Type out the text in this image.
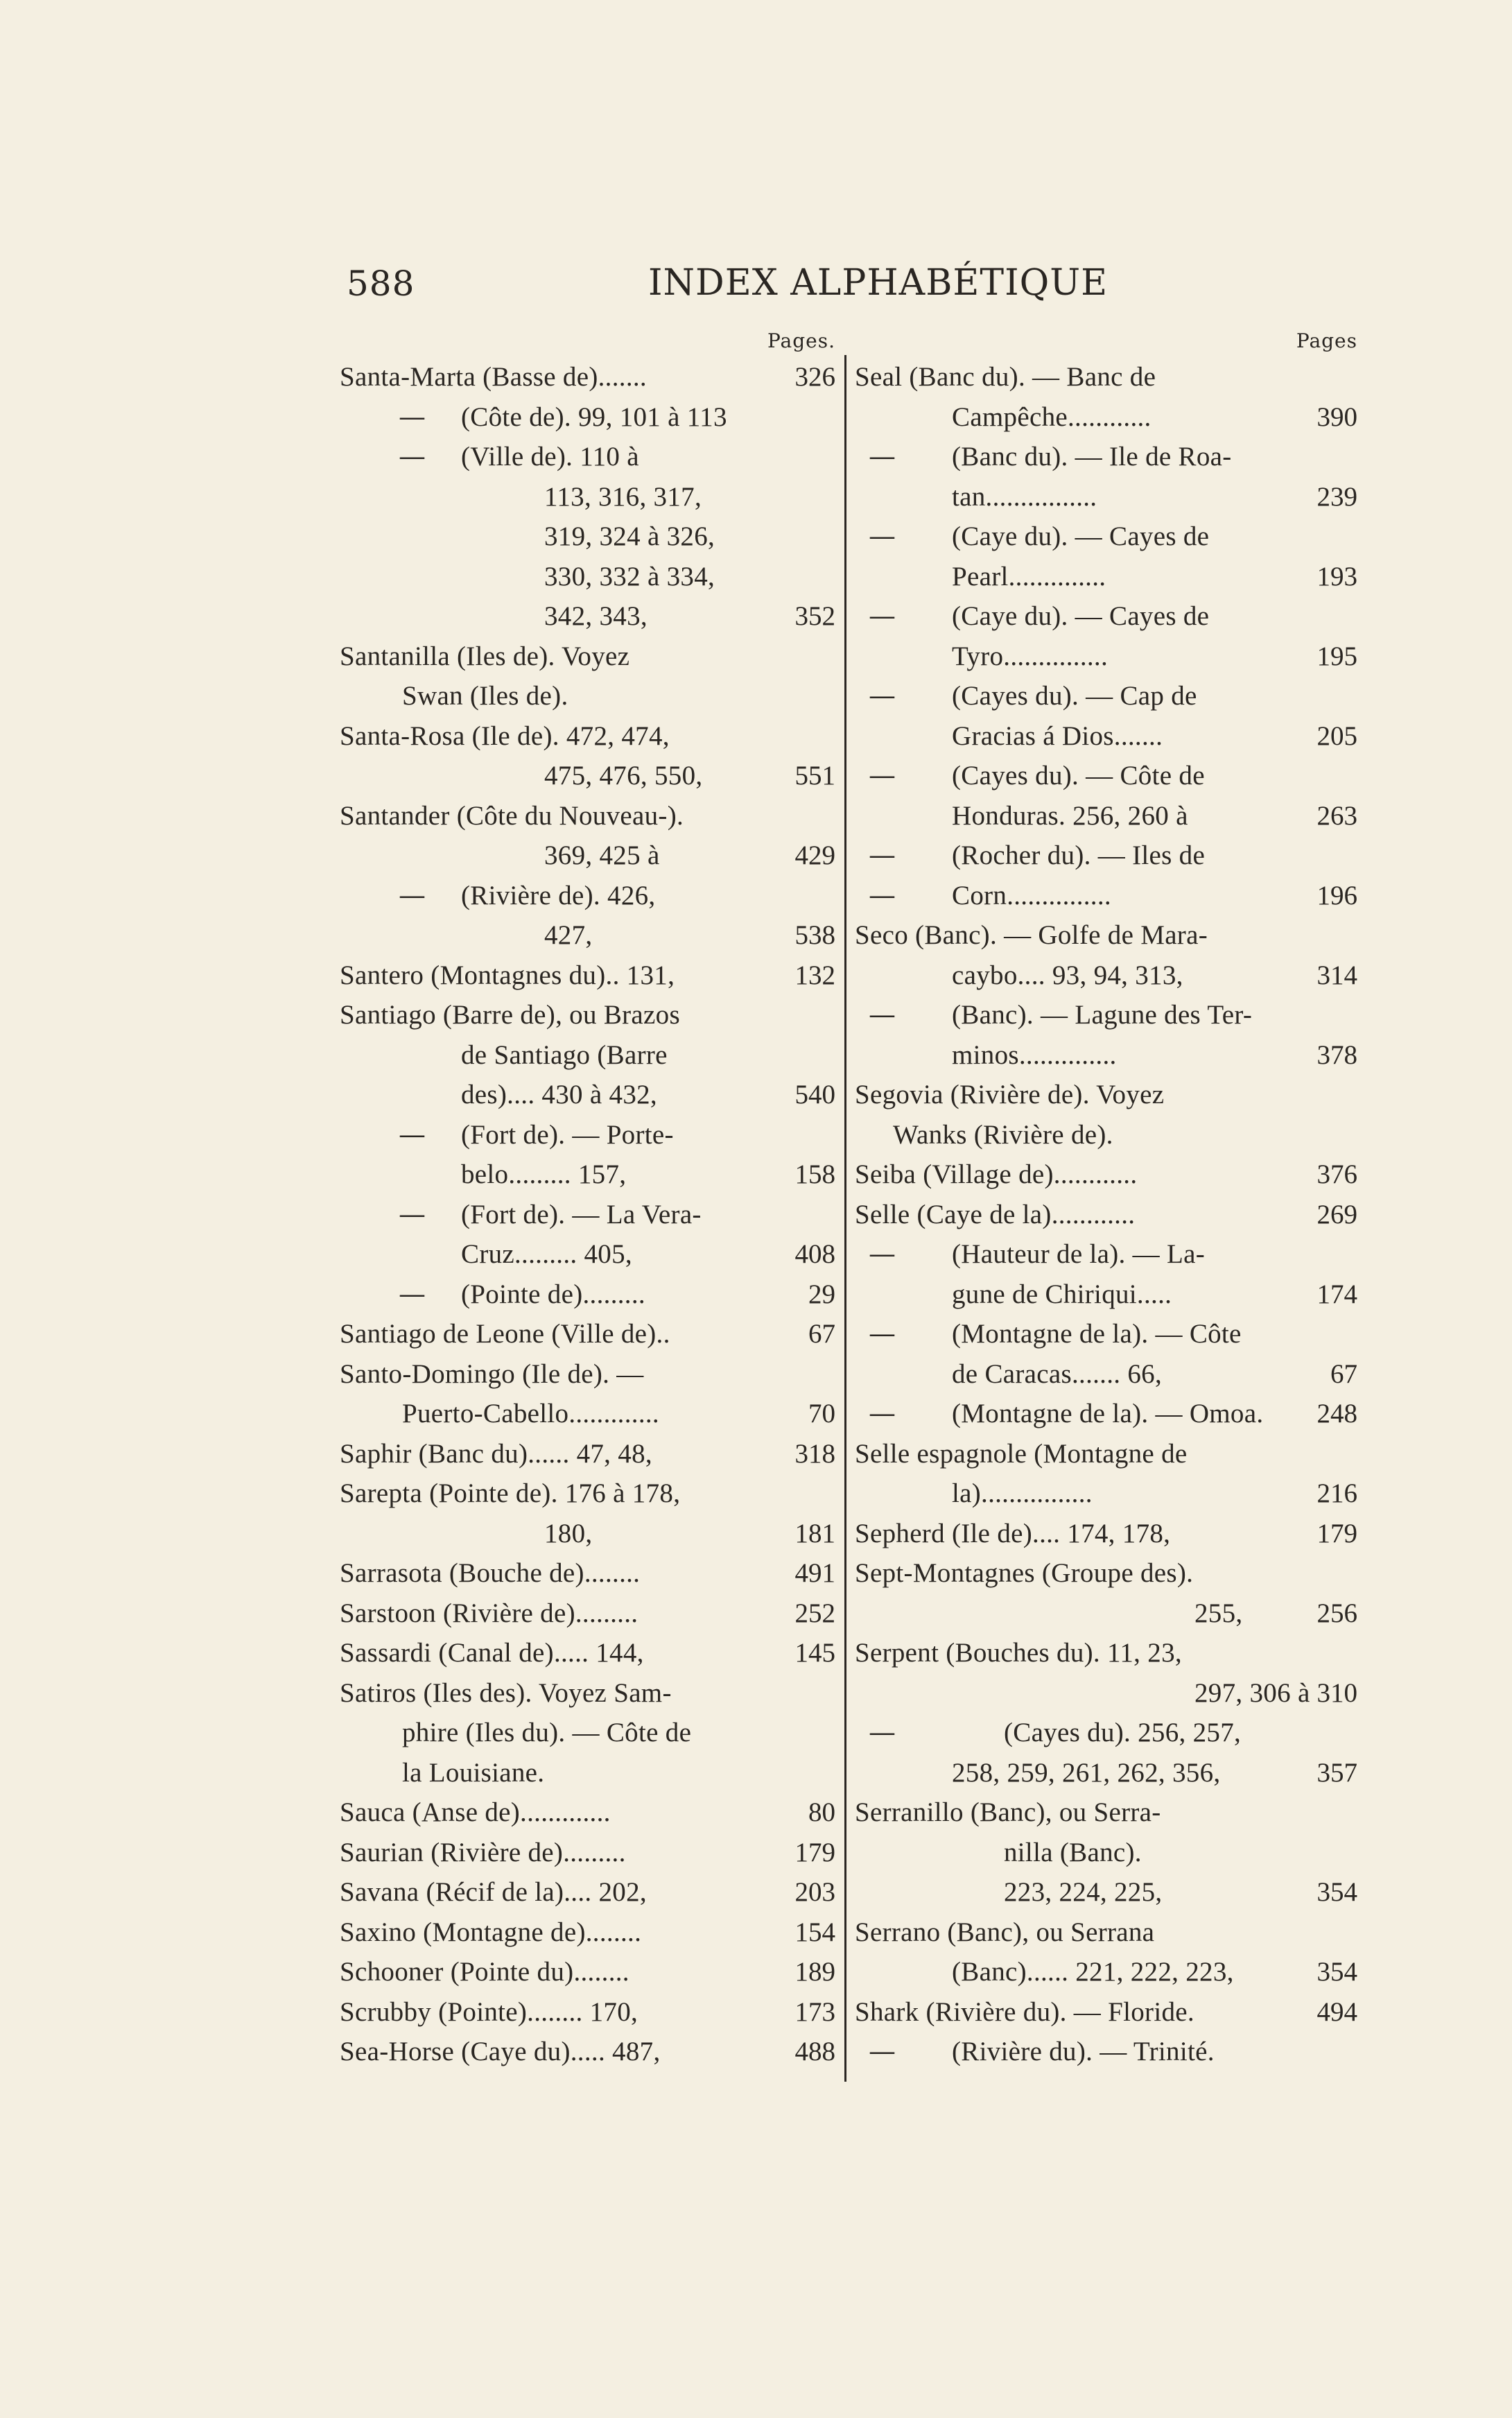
588	INDEX ALPHABÉTIQUE
Pages.
Santa-Marta (Basse de).......	326
— (Côte de). 99, 101 à 113
— (Ville de). 110 à
113, 316, 317,
319, 324 à 326,
330, 332 à 334,
342, 343,	352
Santanilla (Iles de). Voyez
Swan (Iles de).
Santa-Rosa (Ile de). 472, 474,
475, 476, 550,	551
Santander (Côte du Nouveau-).
369, 425 à	429
— (Rivière de). 426,
427,	538
Santero (Montagnes du).. 131,	132
Santiago (Barre de), ou Brazos
de Santiago (Barre
des).... 430 à 432,	540
— (Fort de). — Porte-
belo......... 157,	158
— (Fort de). — La Vera-
Cruz......... 405,	408
— (Pointe de).........	29
Santiago de Leone (Ville de)..	67
Santo-Domingo (Ile de). —
Puerto-Cabello.............	70
Saphir (Banc du)...... 47, 48,	318
Sarepta (Pointe de). 176 à 178,
180,	181
Sarrasota (Bouche de)........	491
Sarstoon (Rivière de).........	252
Sassardi (Canal de)..... 144,	145
Satiros (Iles des). Voyez Sam-
phire (Iles du). — Côte de
la Louisiane.
Sauca (Anse de).............	80
Saurian (Rivière de).........	179
Savana (Récif de la).... 202,	203
Saxino (Montagne de)........	154
Schooner (Pointe du)........	189
Scrubby (Pointe)........ 170,	173
Sea-Horse (Caye du)..... 487,	488
Pages
Seal (Banc du). — Banc de
Campêche............	390
— (Banc du). — Ile de Roa-
tan................	239
— (Caye du). — Cayes de
Pearl..............	193
— (Caye du). — Cayes de
Tyro...............	195
— (Cayes du). — Cap de
Gracias á Dios.......	205
— (Cayes du). — Côte de
Honduras. 256, 260 à	263
— (Rocher du). — Iles de
— Corn...............	196
Seco (Banc). — Golfe de Mara-
caybo.... 93, 94, 313,	314
— (Banc). — Lagune des Ter-
minos..............	378
Segovia (Rivière de). Voyez
Wanks (Rivière de).
Seiba (Village de)............	376
Selle (Caye de la)............	269
— (Hauteur de la). — La-
gune de Chiriqui.....	174
— (Montagne de la). — Côte
de Caracas....... 66,	67
— (Montagne de la). — Omoa.	248
Selle espagnole (Montagne de
la)................	216
Sepherd (Ile de).... 174, 178,	179
Sept-Montagnes (Groupe des).
255,	256
Serpent (Bouches du). 11, 23,
297, 306 à 310
—	(Cayes du). 256, 257,
258, 259, 261, 262, 356,	357
Serranillo (Banc), ou Serra-
nilla (Banc).
223, 224, 225,	354
Serrano (Banc), ou Serrana
(Banc)...... 221, 222, 223,	354
Shark (Rivière du). — Floride.	494
— (Rivière du). — Trinité.
